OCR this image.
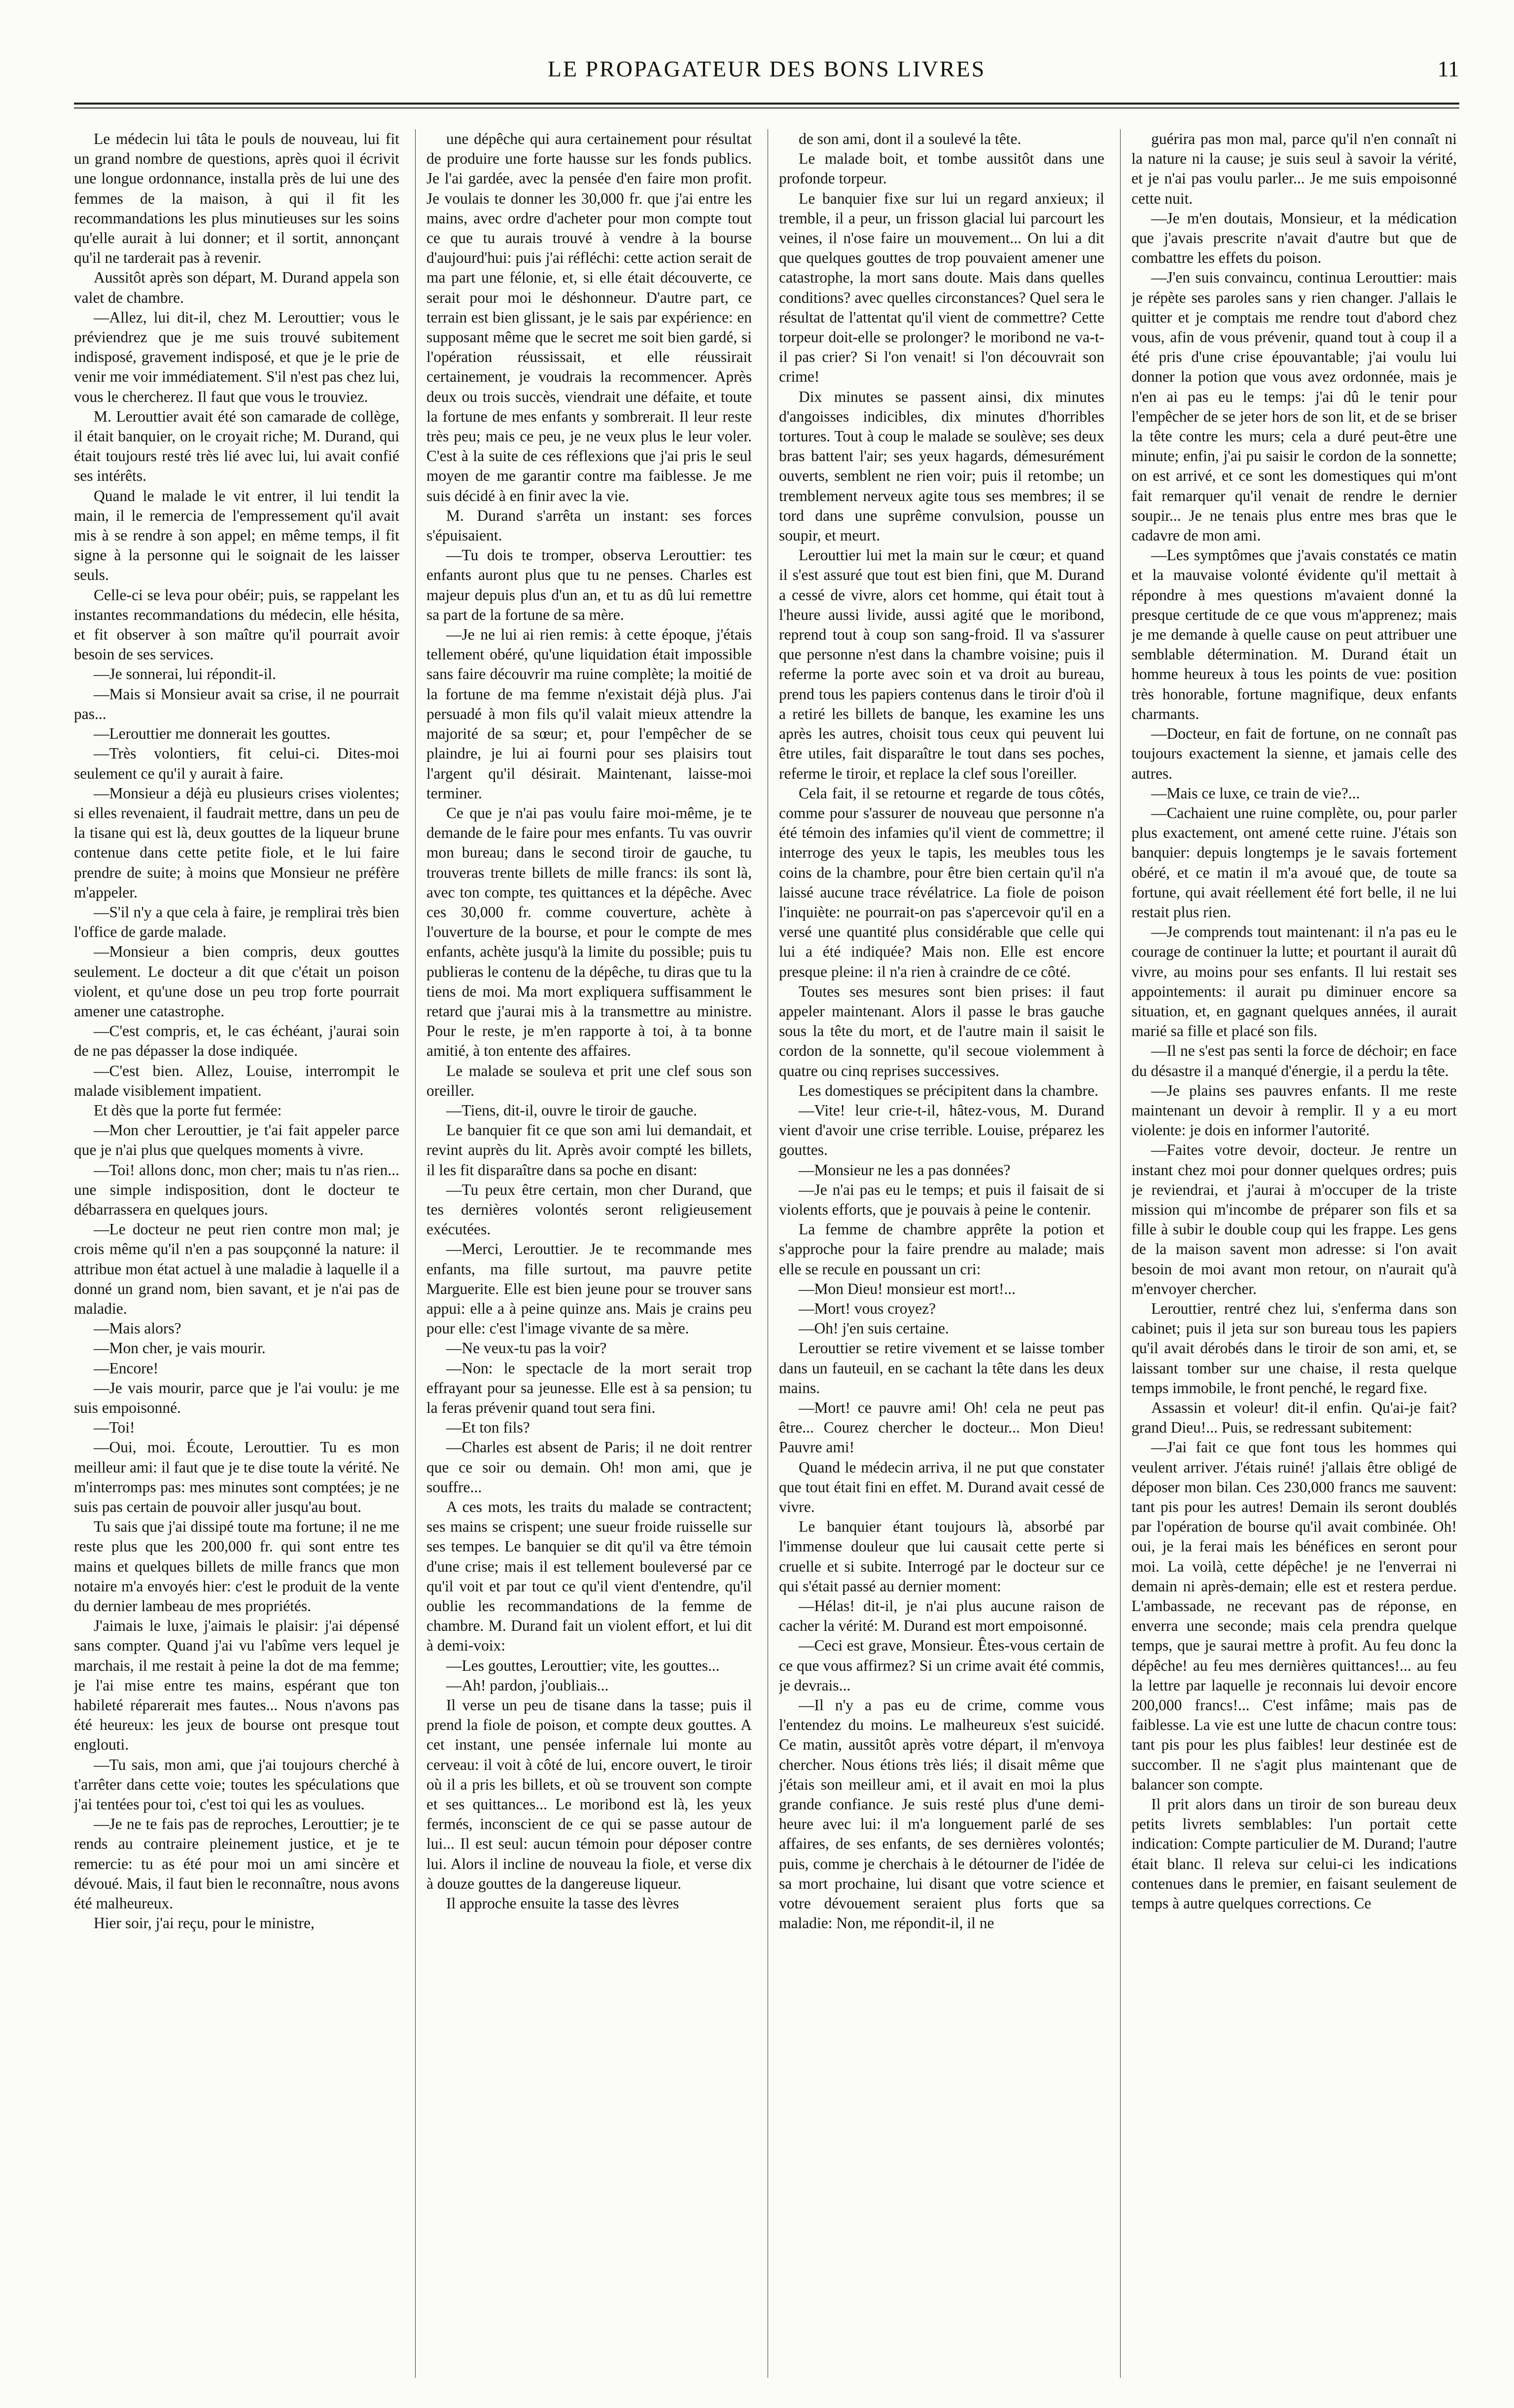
LE PROPAGATEUR DES BONS LIVRES	11

Le médecin lui tâta le pouls de nouveau, lui fit un grand nombre de questions, après quoi il écrivit une longue ordonnance, installa près de lui une des femmes de la maison, à qui il fit les recommandations les plus minutieuses sur les soins qu'elle aurait à lui donner; et il sortit, annonçant qu'il ne tarderait pas à revenir.

Aussitôt après son départ, M. Durand appela son valet de chambre.

—Allez, lui dit-il, chez M. Lerouttier; vous le préviendrez que je me suis trouvé subitement indisposé, gravement indisposé, et que je le prie de venir me voir immédiatement. S'il n'est pas chez lui, vous le chercherez. Il faut que vous le trouviez.

M. Lerouttier avait été son camarade de collège, il était banquier, on le croyait riche; M. Durand, qui était toujours resté très lié avec lui, lui avait confié ses intérêts.

Quand le malade le vit entrer, il lui tendit la main, il le remercia de l'empressement qu'il avait mis à se rendre à son appel; en même temps, il fit signe à la personne qui le soignait de les laisser seuls.

Celle-ci se leva pour obéir; puis, se rappelant les instantes recommandations du médecin, elle hésita, et fit observer à son maître qu'il pourrait avoir besoin de ses services.

—Je sonnerai, lui répondit-il.

—Mais si Monsieur avait sa crise, il ne pourrait pas...

—Lerouttier me donnerait les gouttes.

—Très volontiers, fit celui-ci. Dites-moi seulement ce qu'il y aurait à faire.

—Monsieur a déjà eu plusieurs crises violentes; si elles revenaient, il faudrait mettre, dans un peu de la tisane qui est là, deux gouttes de la liqueur brune contenue dans cette petite fiole, et le lui faire prendre de suite; à moins que Monsieur ne préfère m'appeler.

—S'il n'y a que cela à faire, je remplirai très bien l'office de garde malade.

—Monsieur a bien compris, deux gouttes seulement. Le docteur a dit que c'était un poison violent, et qu'une dose un peu trop forte pourrait amener une catastrophe.

—C'est compris, et, le cas échéant, j'aurai soin de ne pas dépasser la dose indiquée.

—C'est bien. Allez, Louise, interrompit le malade visiblement impatient.

Et dès que la porte fut fermée:

—Mon cher Lerouttier, je t'ai fait appeler parce que je n'ai plus que quelques moments à vivre.

—Toi! allons donc, mon cher; mais tu n'as rien... une simple indisposition, dont le docteur te débarrassera en quelques jours.

—Le docteur ne peut rien contre mon mal; je crois même qu'il n'en a pas soupçonné la nature: il attribue mon état actuel à une maladie à laquelle il a donné un grand nom, bien savant, et je n'ai pas de maladie.

—Mais alors?

—Mon cher, je vais mourir.

—Encore!

—Je vais mourir, parce que je l'ai voulu: je me suis empoisonné.

—Toi!

—Oui, moi. Écoute, Lerouttier. Tu es mon meilleur ami: il faut que je te dise toute la vérité. Ne m'interromps pas: mes minutes sont comptées; je ne suis pas certain de pouvoir aller jusqu'au bout.

Tu sais que j'ai dissipé toute ma fortune; il ne me reste plus que les 200,000 fr. qui sont entre tes mains et quelques billets de mille francs que mon notaire m'a envoyés hier: c'est le produit de la vente du dernier lambeau de mes propriétés.

J'aimais le luxe, j'aimais le plaisir: j'ai dépensé sans compter. Quand j'ai vu l'abîme vers lequel je marchais, il me restait à peine la dot de ma femme; je l'ai mise entre tes mains, espérant que ton habileté réparerait mes fautes... Nous n'avons pas été heureux: les jeux de bourse ont presque tout englouti.

—Tu sais, mon ami, que j'ai toujours cherché à t'arrêter dans cette voie; toutes les spéculations que j'ai tentées pour toi, c'est toi qui les as voulues.

—Je ne te fais pas de reproches, Lerouttier; je te rends au contraire pleinement justice, et je te remercie: tu as été pour moi un ami sincère et dévoué. Mais, il faut bien le reconnaître, nous avons été malheureux.

Hier soir, j'ai reçu, pour le ministre,

une dépêche qui aura certainement pour résultat de produire une forte hausse sur les fonds publics. Je l'ai gardée, avec la pensée d'en faire mon profit. Je voulais te donner les 30,000 fr. que j'ai entre les mains, avec ordre d'acheter pour mon compte tout ce que tu aurais trouvé à vendre à la bourse d'aujourd'hui: puis j'ai réfléchi: cette action serait de ma part une félonie, et, si elle était découverte, ce serait pour moi le déshonneur. D'autre part, ce terrain est bien glissant, je le sais par expérience: en supposant même que le secret me soit bien gardé, si l'opération réussissait, et elle réussirait certainement, je voudrais la recommencer. Après deux ou trois succès, viendrait une défaite, et toute la fortune de mes enfants y sombrerait. Il leur reste très peu; mais ce peu, je ne veux plus le leur voler. C'est à la suite de ces réflexions que j'ai pris le seul moyen de me garantir contre ma faiblesse. Je me suis décidé à en finir avec la vie.

M. Durand s'arrêta un instant: ses forces s'épuisaient.

—Tu dois te tromper, observa Lerouttier: tes enfants auront plus que tu ne penses. Charles est majeur depuis plus d'un an, et tu as dû lui remettre sa part de la fortune de sa mère.

—Je ne lui ai rien remis: à cette époque, j'étais tellement obéré, qu'une liquidation était impossible sans faire découvrir ma ruine complète; la moitié de la fortune de ma femme n'existait déjà plus. J'ai persuadé à mon fils qu'il valait mieux attendre la majorité de sa sœur; et, pour l'empêcher de se plaindre, je lui ai fourni pour ses plaisirs tout l'argent qu'il désirait. Maintenant, laisse-moi terminer.

Ce que je n'ai pas voulu faire moi-même, je te demande de le faire pour mes enfants. Tu vas ouvrir mon bureau; dans le second tiroir de gauche, tu trouveras trente billets de mille francs: ils sont là, avec ton compte, tes quittances et la dépêche. Avec ces 30,000 fr. comme couverture, achète à l'ouverture de la bourse, et pour le compte de mes enfants, achète jusqu'à la limite du possible; puis tu publieras le contenu de la dépêche, tu diras que tu la tiens de moi. Ma mort expliquera suffisamment le retard que j'aurai mis à la transmettre au ministre. Pour le reste, je m'en rapporte à toi, à ta bonne amitié, à ton entente des affaires.

Le malade se souleva et prit une clef sous son oreiller.

—Tiens, dit-il, ouvre le tiroir de gauche.

Le banquier fit ce que son ami lui demandait, et revint auprès du lit. Après avoir compté les billets, il les fit disparaître dans sa poche en disant:

—Tu peux être certain, mon cher Durand, que tes dernières volontés seront religieusement exécutées.

—Merci, Lerouttier. Je te recommande mes enfants, ma fille surtout, ma pauvre petite Marguerite. Elle est bien jeune pour se trouver sans appui: elle a à peine quinze ans. Mais je crains peu pour elle: c'est l'image vivante de sa mère.

—Ne veux-tu pas la voir?

—Non: le spectacle de la mort serait trop effrayant pour sa jeunesse. Elle est à sa pension; tu la feras prévenir quand tout sera fini.

—Et ton fils?

—Charles est absent de Paris; il ne doit rentrer que ce soir ou demain. Oh! mon ami, que je souffre...

A ces mots, les traits du malade se contractent; ses mains se crispent; une sueur froide ruisselle sur ses tempes. Le banquier se dit qu'il va être témoin d'une crise; mais il est tellement bouleversé par ce qu'il voit et par tout ce qu'il vient d'entendre, qu'il oublie les recommandations de la femme de chambre. M. Durand fait un violent effort, et lui dit à demi-voix:

—Les gouttes, Lerouttier; vite, les gouttes...

—Ah! pardon, j'oubliais...

Il verse un peu de tisane dans la tasse; puis il prend la fiole de poison, et compte deux gouttes. A cet instant, une pensée infernale lui monte au cerveau: il voit à côté de lui, encore ouvert, le tiroir où il a pris les billets, et où se trouvent son compte et ses quittances... Le moribond est là, les yeux fermés, inconscient de ce qui se passe autour de lui... Il est seul: aucun témoin pour déposer contre lui. Alors il incline de nouveau la fiole, et verse dix à douze gouttes de la dangereuse liqueur.

Il approche ensuite la tasse des lèvres

de son ami, dont il a soulevé la tête.

Le malade boit, et tombe aussitôt dans une profonde torpeur.

Le banquier fixe sur lui un regard anxieux; il tremble, il a peur, un frisson glacial lui parcourt les veines, il n'ose faire un mouvement... On lui a dit que quelques gouttes de trop pouvaient amener une catastrophe, la mort sans doute. Mais dans quelles conditions? avec quelles circonstances? Quel sera le résultat de l'attentat qu'il vient de commettre? Cette torpeur doit-elle se prolonger? le moribond ne va-t-il pas crier? Si l'on venait! si l'on découvrait son crime!

Dix minutes se passent ainsi, dix minutes d'angoisses indicibles, dix minutes d'horribles tortures. Tout à coup le malade se soulève; ses deux bras battent l'air; ses yeux hagards, démesurément ouverts, semblent ne rien voir; puis il retombe; un tremblement nerveux agite tous ses membres; il se tord dans une suprême convulsion, pousse un soupir, et meurt.

Lerouttier lui met la main sur le cœur; et quand il s'est assuré que tout est bien fini, que M. Durand a cessé de vivre, alors cet homme, qui était tout à l'heure aussi livide, aussi agité que le moribond, reprend tout à coup son sang-froid. Il va s'assurer que personne n'est dans la chambre voisine; puis il referme la porte avec soin et va droit au bureau, prend tous les papiers contenus dans le tiroir d'où il a retiré les billets de banque, les examine les uns après les autres, choisit tous ceux qui peuvent lui être utiles, fait disparaître le tout dans ses poches, referme le tiroir, et replace la clef sous l'oreiller.

Cela fait, il se retourne et regarde de tous côtés, comme pour s'assurer de nouveau que personne n'a été témoin des infamies qu'il vient de commettre; il interroge des yeux le tapis, les meubles tous les coins de la chambre, pour être bien certain qu'il n'a laissé aucune trace révélatrice. La fiole de poison l'inquiète: ne pourrait-on pas s'apercevoir qu'il en a versé une quantité plus considérable que celle qui lui a été indiquée? Mais non. Elle est encore presque pleine: il n'a rien à craindre de ce côté.

Toutes ses mesures sont bien prises: il faut appeler maintenant. Alors il passe le bras gauche sous la tête du mort, et de l'autre main il saisit le cordon de la sonnette, qu'il secoue violemment à quatre ou cinq reprises successives.

Les domestiques se précipitent dans la chambre.

—Vite! leur crie-t-il, hâtez-vous, M. Durand vient d'avoir une crise terrible. Louise, préparez les gouttes.

—Monsieur ne les a pas données?

—Je n'ai pas eu le temps; et puis il faisait de si violents efforts, que je pouvais à peine le contenir.

La femme de chambre apprête la potion et s'approche pour la faire prendre au malade; mais elle se recule en poussant un cri:

—Mon Dieu! monsieur est mort!...

—Mort! vous croyez?

—Oh! j'en suis certaine.

Lerouttier se retire vivement et se laisse tomber dans un fauteuil, en se cachant la tête dans les deux mains.

—Mort! ce pauvre ami! Oh! cela ne peut pas être... Courez chercher le docteur... Mon Dieu! Pauvre ami!

Quand le médecin arriva, il ne put que constater que tout était fini en effet. M. Durand avait cessé de vivre.

Le banquier étant toujours là, absorbé par l'immense douleur que lui causait cette perte si cruelle et si subite. Interrogé par le docteur sur ce qui s'était passé au dernier moment:

—Hélas! dit-il, je n'ai plus aucune raison de cacher la vérité: M. Durand est mort empoisonné.

—Ceci est grave, Monsieur. Êtes-vous certain de ce que vous affirmez? Si un crime avait été commis, je devrais...

—Il n'y a pas eu de crime, comme vous l'entendez du moins. Le malheureux s'est suicidé. Ce matin, aussitôt après votre départ, il m'envoya chercher. Nous étions très liés; il disait même que j'étais son meilleur ami, et il avait en moi la plus grande confiance. Je suis resté plus d'une demi-heure avec lui: il m'a longuement parlé de ses affaires, de ses enfants, de ses dernières volontés; puis, comme je cherchais à le détourner de l'idée de sa mort prochaine, lui disant que votre science et votre dévouement seraient plus forts que sa maladie: Non, me répondit-il, il ne

guérira pas mon mal, parce qu'il n'en connaît ni la nature ni la cause; je suis seul à savoir la vérité, et je n'ai pas voulu parler... Je me suis empoisonné cette nuit.

—Je m'en doutais, Monsieur, et la médication que j'avais prescrite n'avait d'autre but que de combattre les effets du poison.

—J'en suis convaincu, continua Lerouttier: mais je répète ses paroles sans y rien changer. J'allais le quitter et je comptais me rendre tout d'abord chez vous, afin de vous prévenir, quand tout à coup il a été pris d'une crise épouvantable; j'ai voulu lui donner la potion que vous avez ordonnée, mais je n'en ai pas eu le temps: j'ai dû le tenir pour l'empêcher de se jeter hors de son lit, et de se briser la tête contre les murs; cela a duré peut-être une minute; enfin, j'ai pu saisir le cordon de la sonnette; on est arrivé, et ce sont les domestiques qui m'ont fait remarquer qu'il venait de rendre le dernier soupir... Je ne tenais plus entre mes bras que le cadavre de mon ami.

—Les symptômes que j'avais constatés ce matin et la mauvaise volonté évidente qu'il mettait à répondre à mes questions m'avaient donné la presque certitude de ce que vous m'apprenez; mais je me demande à quelle cause on peut attribuer une semblable détermination. M. Durand était un homme heureux à tous les points de vue: position très honorable, fortune magnifique, deux enfants charmants.

—Docteur, en fait de fortune, on ne connaît pas toujours exactement la sienne, et jamais celle des autres.

—Mais ce luxe, ce train de vie?...

—Cachaient une ruine complète, ou, pour parler plus exactement, ont amené cette ruine. J'étais son banquier: depuis longtemps je le savais fortement obéré, et ce matin il m'a avoué que, de toute sa fortune, qui avait réellement été fort belle, il ne lui restait plus rien.

—Je comprends tout maintenant: il n'a pas eu le courage de continuer la lutte; et pourtant il aurait dû vivre, au moins pour ses enfants. Il lui restait ses appointements: il aurait pu diminuer encore sa situation, et, en gagnant quelques années, il aurait marié sa fille et placé son fils.

—Il ne s'est pas senti la force de déchoir; en face du désastre il a manqué d'énergie, il a perdu la tête.

—Je plains ses pauvres enfants. Il me reste maintenant un devoir à remplir. Il y a eu mort violente: je dois en informer l'autorité.

—Faites votre devoir, docteur. Je rentre un instant chez moi pour donner quelques ordres; puis je reviendrai, et j'aurai à m'occuper de la triste mission qui m'incombe de préparer son fils et sa fille à subir le double coup qui les frappe. Les gens de la maison savent mon adresse: si l'on avait besoin de moi avant mon retour, on n'aurait qu'à m'envoyer chercher.

Lerouttier, rentré chez lui, s'enferma dans son cabinet; puis il jeta sur son bureau tous les papiers qu'il avait dérobés dans le tiroir de son ami, et, se laissant tomber sur une chaise, il resta quelque temps immobile, le front penché, le regard fixe.

Assassin et voleur! dit-il enfin. Qu'ai-je fait? grand Dieu!... Puis, se redressant subitement:

—J'ai fait ce que font tous les hommes qui veulent arriver. J'étais ruiné! j'allais être obligé de déposer mon bilan. Ces 230,000 francs me sauvent: tant pis pour les autres! Demain ils seront doublés par l'opération de bourse qu'il avait combinée. Oh! oui, je la ferai mais les bénéfices en seront pour moi. La voilà, cette dépêche! je ne l'enverrai ni demain ni après-demain; elle est et restera perdue. L'ambassade, ne recevant pas de réponse, en enverra une seconde; mais cela prendra quelque temps, que je saurai mettre à profit. Au feu donc la dépêche! au feu mes dernières quittances!... au feu la lettre par laquelle je reconnais lui devoir encore 200,000 francs!... C'est infâme; mais pas de faiblesse. La vie est une lutte de chacun contre tous: tant pis pour les plus faibles! leur destinée est de succomber. Il ne s'agit plus maintenant que de balancer son compte.

Il prit alors dans un tiroir de son bureau deux petits livrets semblables: l'un portait cette indication: Compte particulier de M. Durand; l'autre était blanc. Il releva sur celui-ci les indications contenues dans le premier, en faisant seulement de temps à autre quelques corrections. Ce
